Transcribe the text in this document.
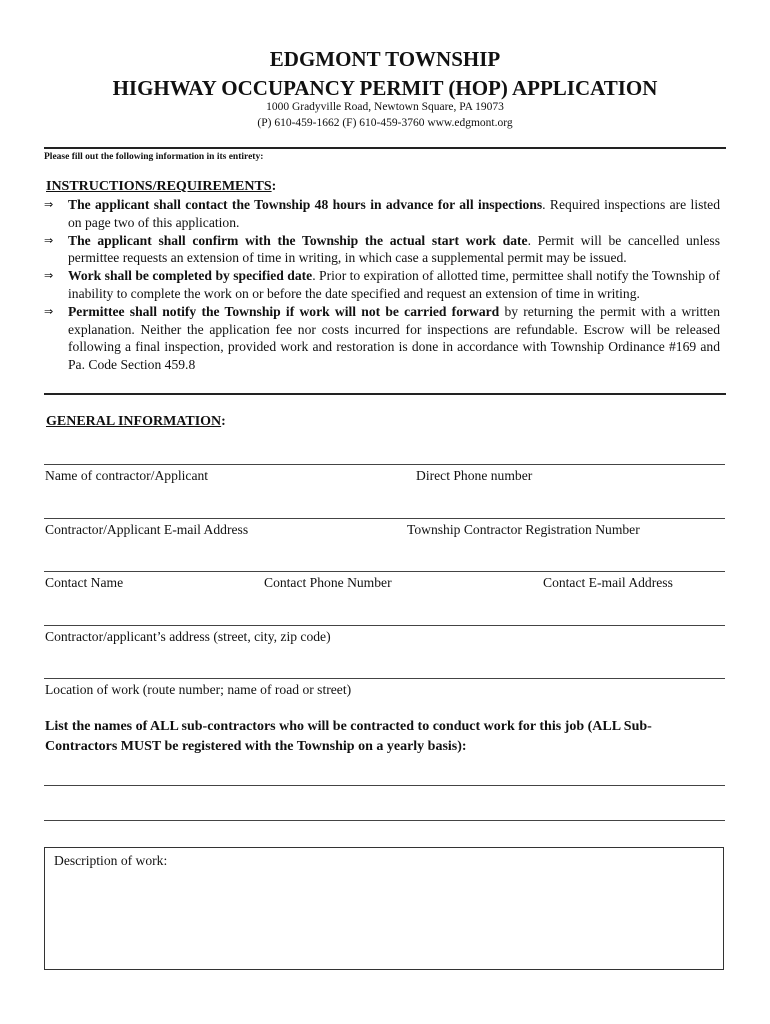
EDGMONT TOWNSHIP
HIGHWAY OCCUPANCY PERMIT (HOP) APPLICATION
1000 Gradyville Road, Newtown Square, PA 19073
(P) 610-459-1662 (F) 610-459-3760 www.edgmont.org
Please fill out the following information in its entirety:
INSTRUCTIONS/REQUIREMENTS:
⇒ The applicant shall contact the Township 48 hours in advance for all inspections. Required inspections are listed on page two of this application.
⇒ The applicant shall confirm with the Township the actual start work date. Permit will be cancelled unless permittee requests an extension of time in writing, in which case a supplemental permit may be issued.
⇒ Work shall be completed by specified date. Prior to expiration of allotted time, permittee shall notify the Township of inability to complete the work on or before the date specified and request an extension of time in writing.
⇒ Permittee shall notify the Township if work will not be carried forward by returning the permit with a written explanation. Neither the application fee nor costs incurred for inspections are refundable. Escrow will be released following a final inspection, provided work and restoration is done in accordance with Township Ordinance #169 and Pa. Code Section 459.8
GENERAL INFORMATION:
Name of contractor/Applicant	Direct Phone number
Contractor/Applicant E-mail Address	Township Contractor Registration Number
Contact Name	Contact Phone Number	Contact E-mail Address
Contractor/applicant’s address (street, city, zip code)
Location of work (route number; name of road or street)
List the names of ALL sub-contractors who will be contracted to conduct work for this job (ALL Sub-Contractors MUST be registered with the Township on a yearly basis):
Description of work:
